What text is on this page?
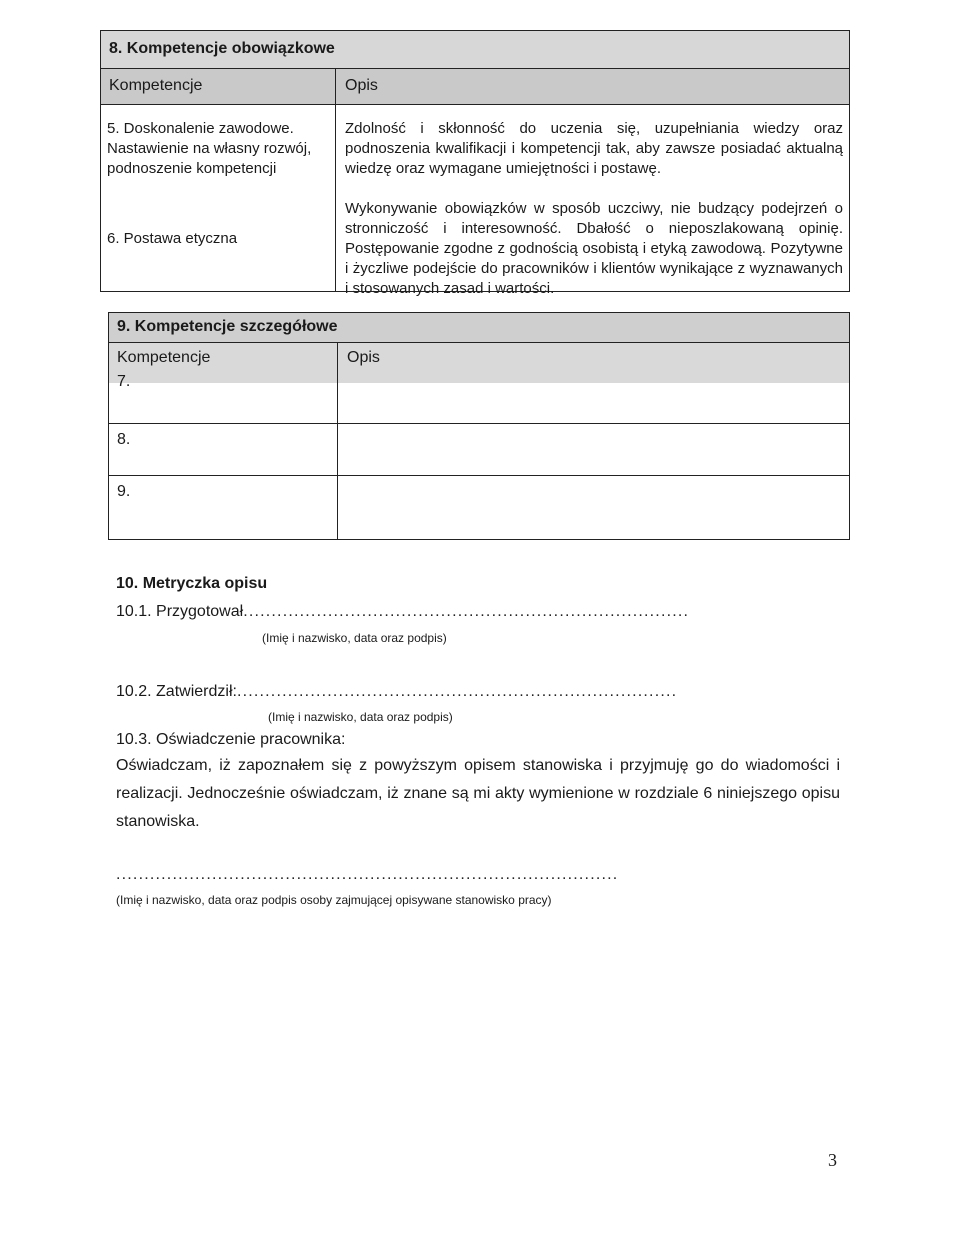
8. Kompetencje obowiązkowe
Kompetencje	Opis

5. Doskonalenie zawodowe. Nastawienie na własny rozwój, podnoszenie kompetencji

Zdolność i skłonność do uczenia się, uzupełniania wiedzy oraz podnoszenia kwalifikacji i kompetencji tak, aby zawsze posiadać aktualną wiedzę oraz wymagane umiejętności i postawę.

6. Postawa etyczna

Wykonywanie obowiązków w sposób uczciwy, nie budzący podejrzeń o stronniczość i interesowność. Dbałość o nieposzlakowaną opinię. Postępowanie zgodne z godnością osobistą i etyką zawodową. Pozytywne i życzliwe podejście do pracowników i klientów wynikające z wyznawanych i stosowanych zasad i wartości.

9. Kompetencje szczegółowe
Kompetencje	Opis
7.
8.
9.
10. Metryczka opisu
10.1. Przygotował...............................................................................
(Imię i nazwisko, data oraz podpis)
10.2. Zatwierdził:..............................................................................
(Imię i nazwisko, data oraz podpis)
10.3. Oświadczenie pracownika:

Oświadczam, iż zapoznałem się z powyższym opisem stanowiska i przyjmuję go do wiadomości i realizacji. Jednocześnie oświadczam, iż znane są mi akty wymienione w rozdziale 6 niniejszego opisu stanowiska.

.........................................................................................
(Imię i nazwisko, data oraz podpis osoby zajmującej opisywane stanowisko pracy)
3
